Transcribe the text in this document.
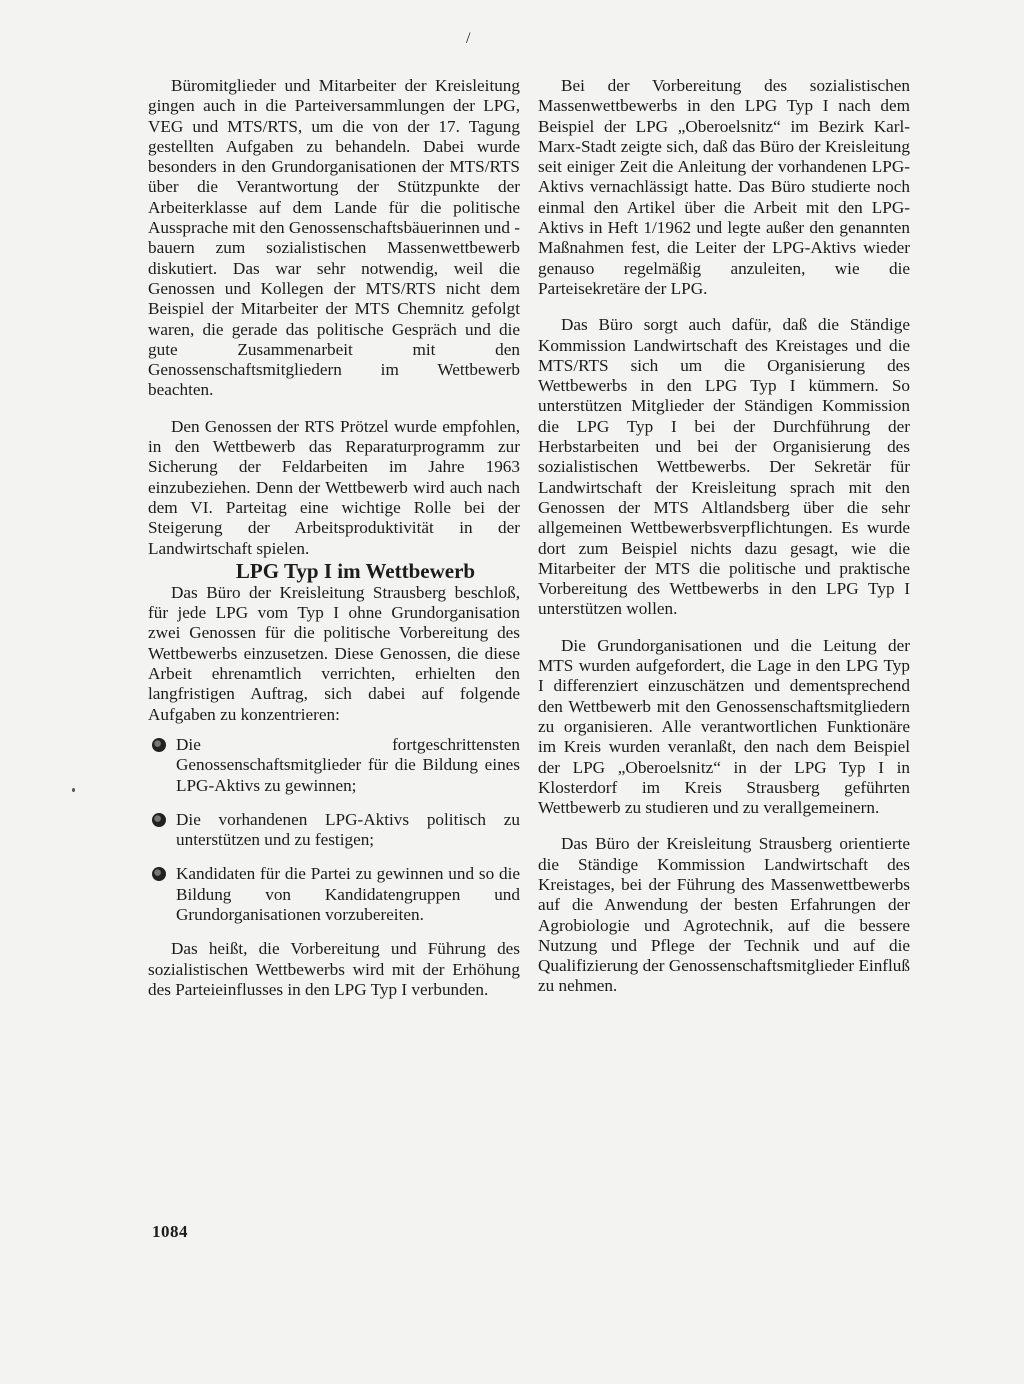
/

Büromitglieder und Mitarbeiter der Kreisleitung gingen auch in die Parteiversammlungen der LPG, VEG und MTS/RTS, um die von der 17. Tagung gestellten Aufgaben zu behandeln. Dabei wurde besonders in den Grundorganisationen der MTS/RTS über die Verantwortung der Stützpunkte der Arbeiterklasse auf dem Lande für die politische Aussprache mit den Genossenschaftsbäuerinnen und -bauern zum sozialistischen Massenwettbewerb diskutiert. Das war sehr notwendig, weil die Genossen und Kollegen der MTS/RTS nicht dem Beispiel der Mitarbeiter der MTS Chemnitz gefolgt waren, die gerade das politische Gespräch und die gute Zusammenarbeit mit den Genossenschaftsmitgliedern im Wettbewerb beachten.

Den Genossen der RTS Prötzel wurde empfohlen, in den Wettbewerb das Reparaturprogramm zur Sicherung der Feldarbeiten im Jahre 1963 einzubeziehen. Denn der Wettbewerb wird auch nach dem VI. Parteitag eine wichtige Rolle bei der Steigerung der Arbeitsproduktivität in der Landwirtschaft spielen.

LPG Typ I im Wettbewerb

Das Büro der Kreisleitung Strausberg beschloß, für jede LPG vom Typ I ohne Grundorganisation zwei Genossen für die politische Vorbereitung des Wettbewerbs einzusetzen. Diese Genossen, die diese Arbeit ehrenamtlich verrichten, erhielten den langfristigen Auftrag, sich dabei auf folgende Aufgaben zu konzentrieren:

Die fortgeschrittensten Genossenschaftsmitglieder für die Bildung eines LPG-Aktivs zu gewinnen;
Die vorhandenen LPG-Aktivs politisch zu unterstützen und zu festigen;
Kandidaten für die Partei zu gewinnen und so die Bildung von Kandidatengruppen und Grundorganisationen vorzubereiten.

Das heißt, die Vorbereitung und Führung des sozialistischen Wettbewerbs wird mit der Erhöhung des Parteieinflusses in den LPG Typ I verbunden.

Bei der Vorbereitung des sozialistischen Massenwettbewerbs in den LPG Typ I nach dem Beispiel der LPG „Oberoelsnitz“ im Bezirk Karl-Marx-Stadt zeigte sich, daß das Büro der Kreisleitung seit einiger Zeit die Anleitung der vorhandenen LPG-Aktivs vernachlässigt hatte. Das Büro studierte noch einmal den Artikel über die Arbeit mit den LPG-Aktivs in Heft 1/1962 und legte außer den genannten Maßnahmen fest, die Leiter der LPG-Aktivs wieder genauso regelmäßig anzuleiten, wie die Parteisekretäre der LPG.

Das Büro sorgt auch dafür, daß die Ständige Kommission Landwirtschaft des Kreistages und die MTS/RTS sich um die Organisierung des Wettbewerbs in den LPG Typ I kümmern. So unterstützen Mitglieder der Ständigen Kommission die LPG Typ I bei der Durchführung der Herbstarbeiten und bei der Organisierung des sozialistischen Wettbewerbs. Der Sekretär für Landwirtschaft der Kreisleitung sprach mit den Genossen der MTS Altlandsberg über die sehr allgemeinen Wettbewerbsverpflichtungen. Es wurde dort zum Beispiel nichts dazu gesagt, wie die Mitarbeiter der MTS die politische und praktische Vorbereitung des Wettbewerbs in den LPG Typ I unterstützen wollen.

Die Grundorganisationen und die Leitung der MTS wurden aufgefordert, die Lage in den LPG Typ I differenziert einzuschätzen und dementsprechend den Wettbewerb mit den Genossenschaftsmitgliedern zu organisieren. Alle verantwortlichen Funktionäre im Kreis wurden veranlaßt, den nach dem Beispiel der LPG „Oberoelsnitz“ in der LPG Typ I in Klosterdorf im Kreis Strausberg geführten Wettbewerb zu studieren und zu verallgemeinern.

Das Büro der Kreisleitung Strausberg orientierte die Ständige Kommission Landwirtschaft des Kreistages, bei der Führung des Massenwettbewerbs auf die Anwendung der besten Erfahrungen der Agrobiologie und Agrotechnik, auf die bessere Nutzung und Pflege der Technik und auf die Qualifizierung der Genossenschaftsmitglieder Einfluß zu nehmen.

1084
